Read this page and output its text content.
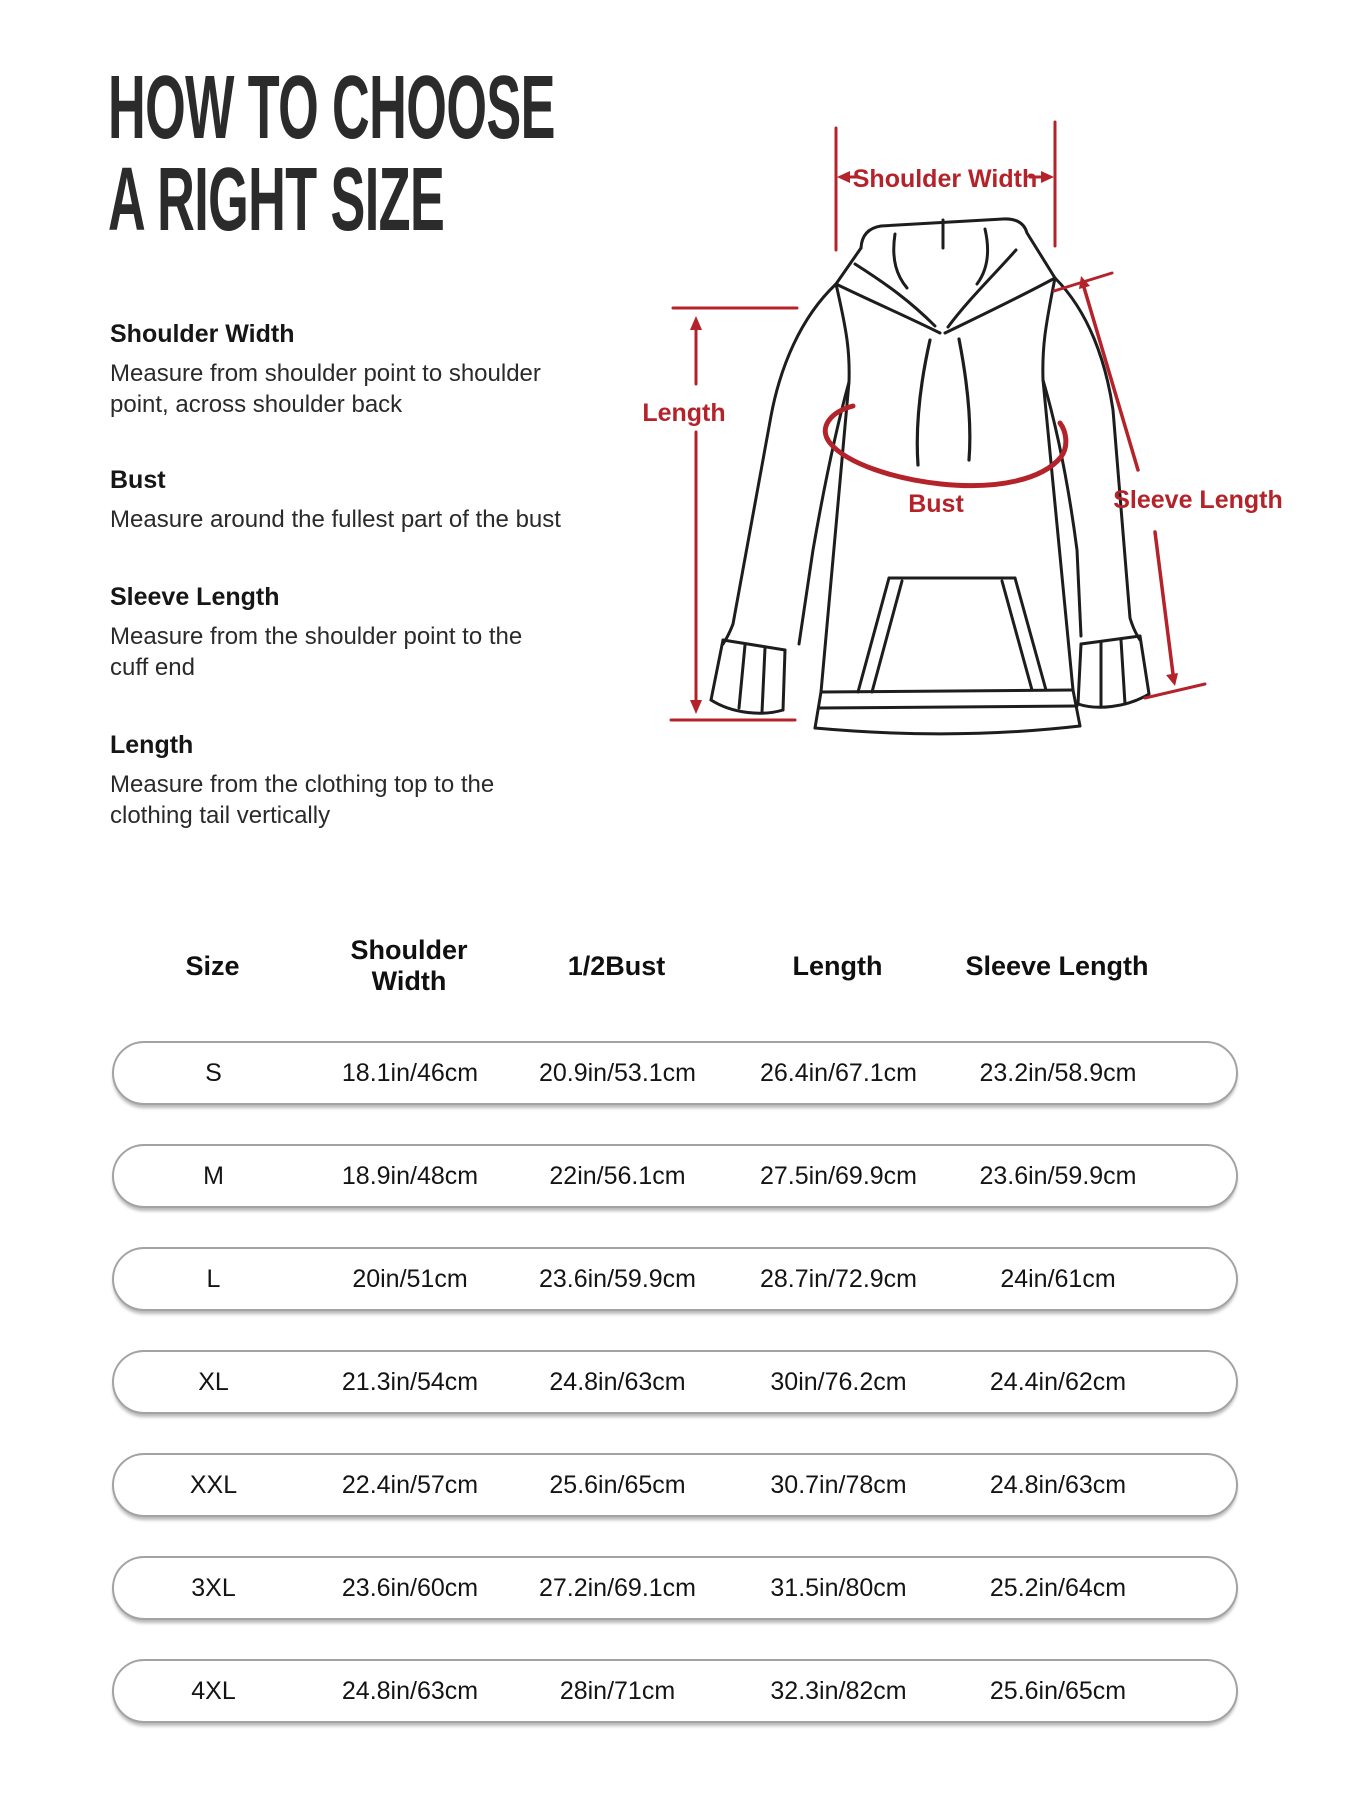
HOW TO CHOOSE
A RIGHT SIZE
Shoulder Width
Measure from shoulder point to shoulder
point, across shoulder back
Bust
Measure around the fullest part of the bust
Sleeve Length
Measure from the shoulder point to the
cuff end
Length
Measure from the clothing top to the
clothing tail vertically
Shoulder Width
Length
Bust	Sleeve Length
Size
Shoulder Width
1/2Bust	Length	Sleeve Length
S	18.1in/46cm	20.9in/53.1cm	26.4in/67.1cm	23.2in/58.9cm
M	18.9in/48cm	22in/56.1cm	27.5in/69.9cm	23.6in/59.9cm
L	20in/51cm	23.6in/59.9cm	28.7in/72.9cm	24in/61cm
XL	21.3in/54cm	24.8in/63cm	30in/76.2cm	24.4in/62cm
XXL	22.4in/57cm	25.6in/65cm	30.7in/78cm	24.8in/63cm
3XL	23.6in/60cm	27.2in/69.1cm	31.5in/80cm	25.2in/64cm
4XL	24.8in/63cm	28in/71cm	32.3in/82cm	25.6in/65cm
